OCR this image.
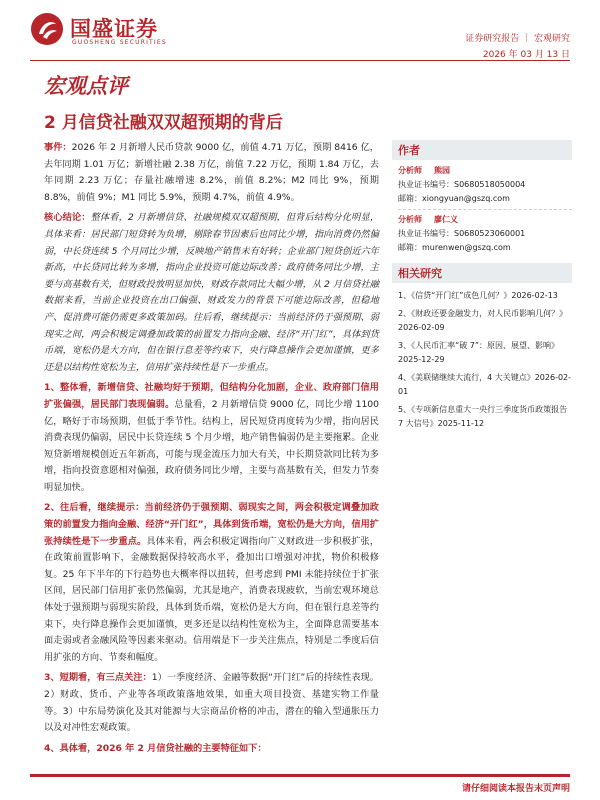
国盛证券
GUOSHENG SECURITIES	证券研究报告 ｜ 宏观研究
2026 年 03 月 13 日
宏观点评
2 月信贷社融双双超预期的背后

事件：2026 年 2 月新增人民币贷款 9000 亿，前值 4.71 万亿，预期 8416 亿，去年同期 1.01 万亿；新增社融 2.38 万亿，前值 7.22 万亿，预期 1.84 万亿，去年同期 2.23 万亿；存量社融增速 8.2%，前值 8.2%；M2 同比 9%，预期 8.8%，前值 9%；M1 同比 5.9%，预期 4.7%，前值 4.9%。

核心结论：整体看，2 月新增信贷、社融规模双双超预期，但背后结构分化明显，具体来看：居民部门短贷转为负增，剔除春节因素后也同比少增，指向消费仍然偏弱，中长贷连续 5 个月同比少增，反映地产销售未有好转；企业部门短贷创近六年新高，中长贷同比转为多增，指向企业投资可能边际改善；政府债务同比少增，主要与高基数有关，但财政投放明显加快，财政存款同比大幅少增，从 2 月信贷社融数据来看，当前企业投资在出口偏强、财政发力的背景下可能边际改善，但稳地产、促消费可能仍需更多政策加码。往后看，继续提示：当前经济仍于强预期、弱现实之间，两会积极定调叠加政策的前置发力指向金融、经济“开门红”，具体到货币端，宽松仍是大方向，但在银行息差等约束下，央行降息操作会更加谨慎，更多还是以结构性宽松为主，信用扩张持续性是下一步重点。

1、整体看，新增信贷、社融均好于预期，但结构分化加剧，企业、政府部门信用扩张偏强，居民部门表现偏弱。总量看，2 月新增信贷 9000 亿，同比少增 1100 亿，略好于市场预期，但低于季节性。结构上，居民短贷再度转为少增，指向居民消费表现仍偏弱，居民中长贷连续 5 个月少增，地产销售偏弱仍是主要拖累。企业短贷新增规模创近五年新高，可能与现金流压力加大有关，中长期贷款同比转为多增，指向投资意愿相对偏强，政府债务同比少增，主要与高基数有关，但发力节奏明显加快。

2、往后看，继续提示：当前经济仍于强预期、弱现实之间，两会积极定调叠加政策的前置发力指向金融、经济“开门红”，具体到货币端，宽松仍是大方向，信用扩张持续性是下一步重点。具体来看，两会积极定调指向广义财政进一步积极扩张，在政策前置影响下，金融数据保持较高水平，叠加出口增强对冲扰，物价积极修复。25 年下半年的下行趋势也大概率得以扭转，但考虑到 PMI 未能持续位于扩张区间，居民部门信用扩张仍然偏弱，尤其是地产，消费表现疲软，当前宏观环境总体处于强预期与弱现实阶段，具体到货币端，宽松仍是大方向，但在银行息差等约束下，央行降息操作会更加谨慎，更多还是以结构性宽松为主，全面降息需要基本面走弱或者金融风险等因素来驱动。信用端是下一步关注焦点，特别是二季度后信用扩张的方向、节奏和幅度。

3、短期看，有三点关注：1）一季度经济、金融等数据“开门红”后的持续性表现。2）财政、货币、产业等各项政策落地效果，如重大项目投资、基建实物工作量等。3）中东局势演化及其对能源与大宗商品价格的冲击，潜在的输入型通胀压力以及对冲性宏观政策。

4、具体看，2026 年 2 月信贷社融的主要特征如下：

作者
分析师 熊园
执业证书编号：S0680518050004
邮箱：xiongyuan@gszq.com
分析师 廖仁义
执业证书编号：S0680523060001
邮箱：murenwen@gszq.com
相关研究
1、《信贷“开门红”成色几何？》2026-02-13
2、《财政还要金融发力，对人民币影响几何？》2026-02-09
3、《人民币汇率“破 7”：原因、展望、影响》2025-12-29
4、《美联储继续大流行，4 大关键点》2026-02-01
5、《专项新信息重大一央行三季度货币政策报告 7 大信号》2025-11-12
请仔细阅读本报告末页声明
